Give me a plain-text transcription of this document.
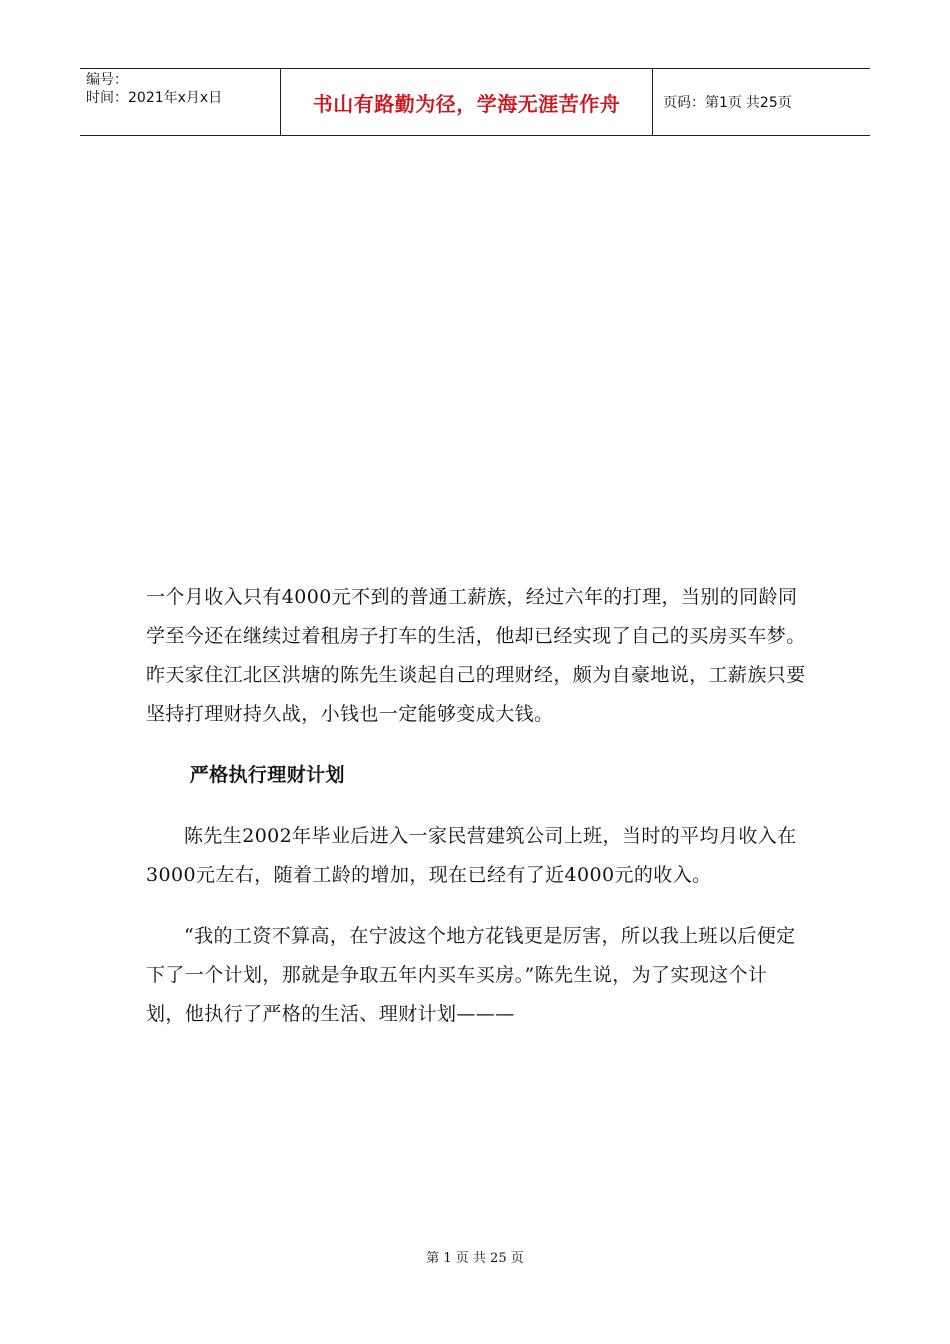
编号：
时间：2021年x月x日	书山有路勤为径，学海无涯苦作舟	页码：第1页 共25页

一个月收入只有4000元不到的普通工薪族，经过六年的打理，当别的同龄同学至今还在继续过着租房子打车的生活，他却已经实现了自己的买房买车梦。昨天家住江北区洪塘的陈先生谈起自己的理财经，颇为自豪地说，工薪族只要坚持打理财持久战，小钱也一定能够变成大钱。

严格执行理财计划

陈先生2002年毕业后进入一家民营建筑公司上班，当时的平均月收入在3000元左右，随着工龄的增加，现在已经有了近4000元的收入。

“我的工资不算高，在宁波这个地方花钱更是厉害，所以我上班以后便定下了一个计划，那就是争取五年内买车买房。”陈先生说，为了实现这个计划，他执行了严格的生活、理财计划———

第 1 页 共 25 页
